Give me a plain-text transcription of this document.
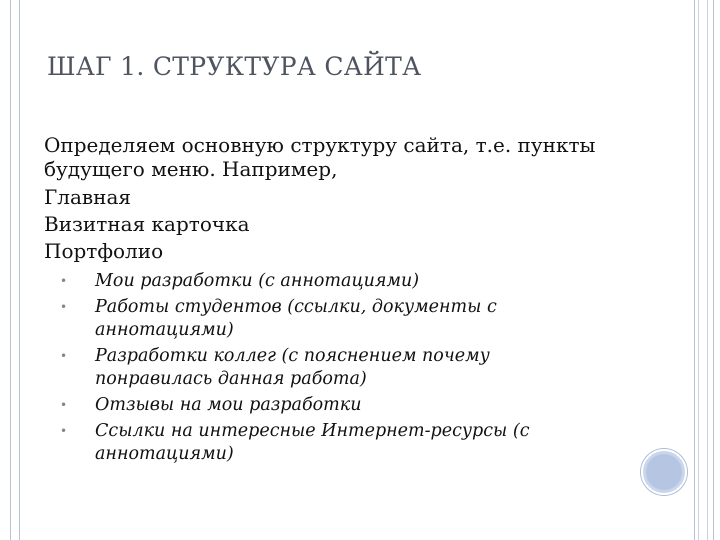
ШАГ 1. СТРУКТУРА САЙТА

Определяем основную структуру сайта, т.е. пункты будущего меню. Например,

Главная

Визитная карточка

Портфолио

• Мои разработки (с аннотациями)
• Работы студентов (ссылки, документы с аннотациями)
• Разработки коллег (с пояснением почему понравилась данная работа)
• Отзывы на мои разработки
• Ссылки на интересные Интернет-ресурсы (с аннотациями)
